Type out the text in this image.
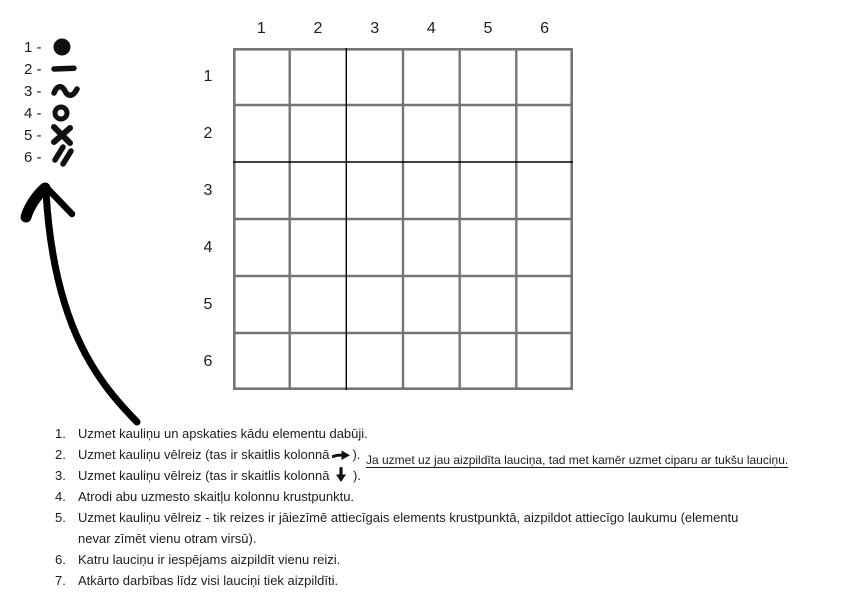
1 -
2 -
3 -
4 -
5 -
6 -
1	2	3	4	5	6
1
2
3
4
5
6
1. Uzmet kauliņu un apskaties kādu elementu dabūji.
2. Uzmet kauliņu vēlreiz (tas ir skaitlis kolonnā ).
3. Uzmet kauliņu vēlreiz (tas ir skaitlis kolonnā ).
4. Atrodi abu uzmesto skaitļu kolonnu krustpunktu.
5. Uzmet kauliņu vēlreiz - tik reizes ir jāiezīmē attiecīgais elements krustpunktā, aizpildot attiecīgo laukumu (elementu
nevar zīmēt vienu otram virsū).
6. Katru lauciņu ir iespējams aizpildīt vienu reizi.
7. Atkārto darbības līdz visi lauciņi tiek aizpildīti.
Ja uzmet uz jau aizpildīta lauciņa, tad met kamēr uzmet ciparu ar tukšu lauciņu.
